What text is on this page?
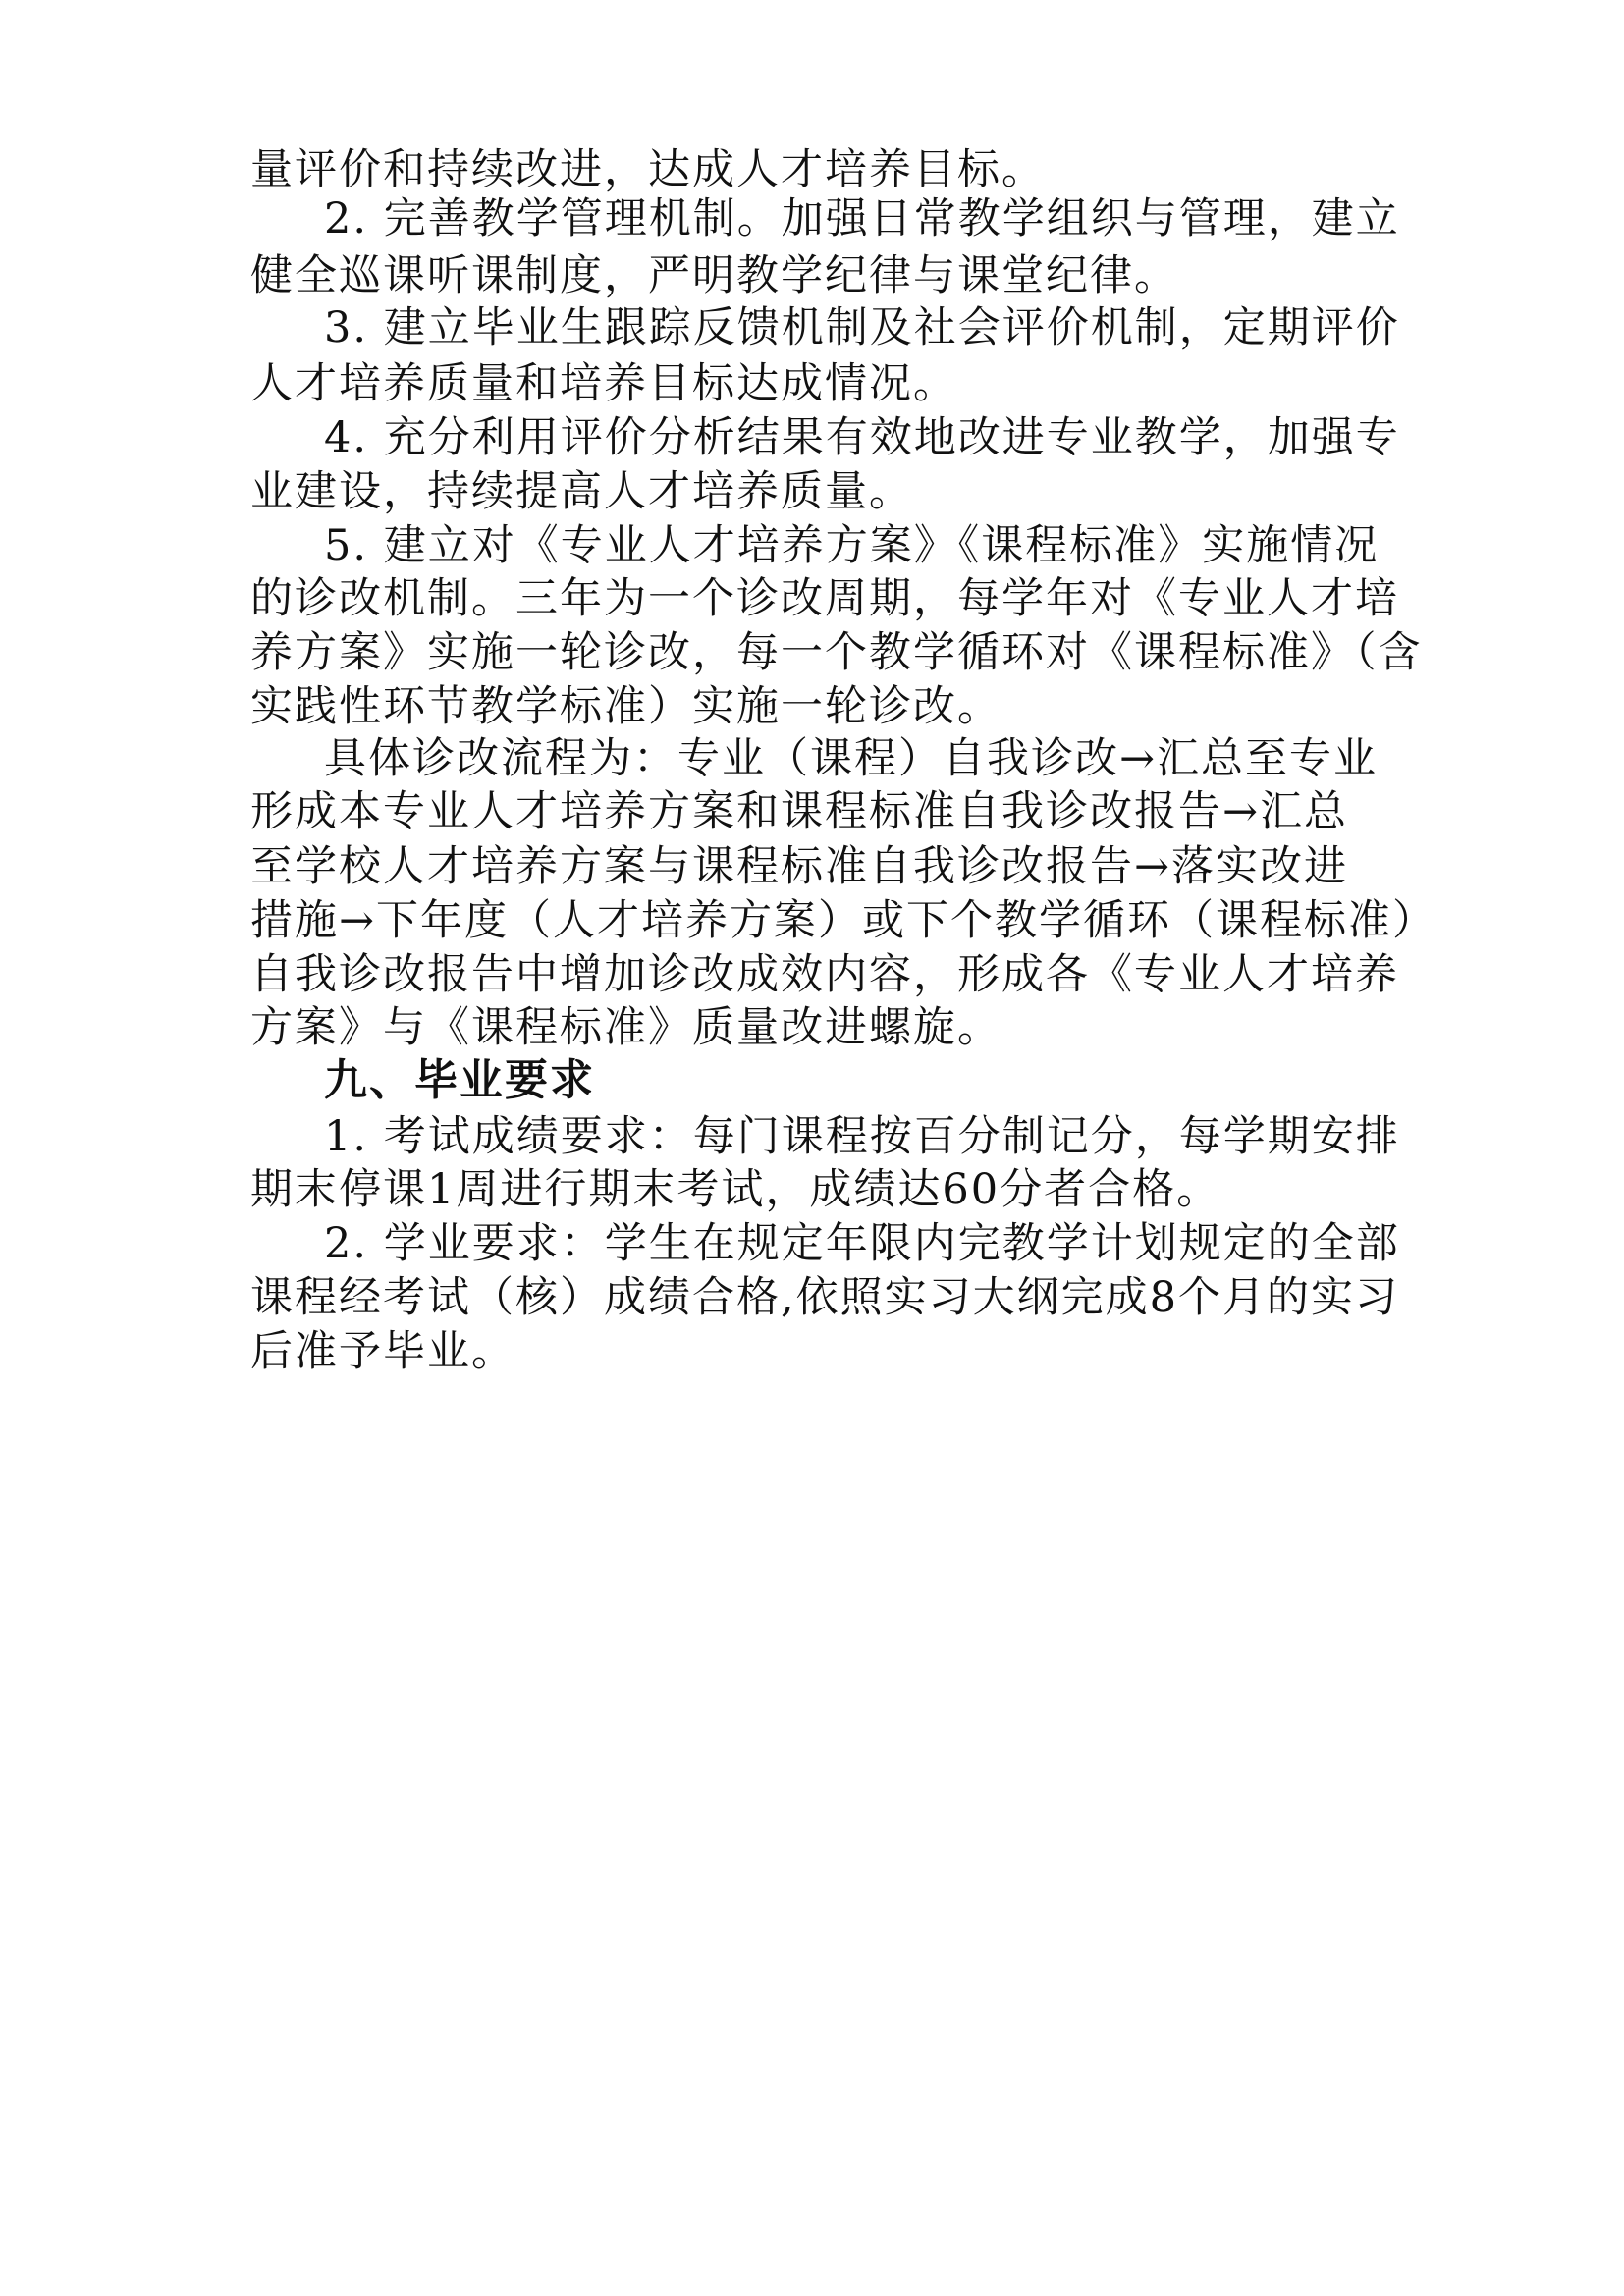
量评价和持续改进，达成人才培养目标。
2. 完善教学管理机制。加强日常教学组织与管理，建立
健全巡课听课制度，严明教学纪律与课堂纪律。
3. 建立毕业生跟踪反馈机制及社会评价机制，定期评价
人才培养质量和培养目标达成情况。
4. 充分利用评价分析结果有效地改进专业教学，加强专
业建设，持续提高人才培养质量。
5. 建立对《专业人才培养方案》《课程标准》实施情况
的诊改机制。三年为一个诊改周期，每学年对《专业人才培
养方案》实施一轮诊改，每一个教学循环对《课程标准》（含
实践性环节教学标准）实施一轮诊改。
具体诊改流程为：专业（课程）自我诊改→汇总至专业
形成本专业人才培养方案和课程标准自我诊改报告→汇总
至学校人才培养方案与课程标准自我诊改报告→落实改进
措施→下年度（人才培养方案）或下个教学循环（课程标准）
自我诊改报告中增加诊改成效内容，形成各《专业人才培养
方案》与《课程标准》质量改进螺旋。
九、毕业要求
1. 考试成绩要求：每门课程按百分制记分，每学期安排
期末停课1周进行期末考试，成绩达60分者合格。
2. 学业要求：学生在规定年限内完教学计划规定的全部
课程经考试（核）成绩合格,依照实习大纲完成8个月的实习
后准予毕业。
